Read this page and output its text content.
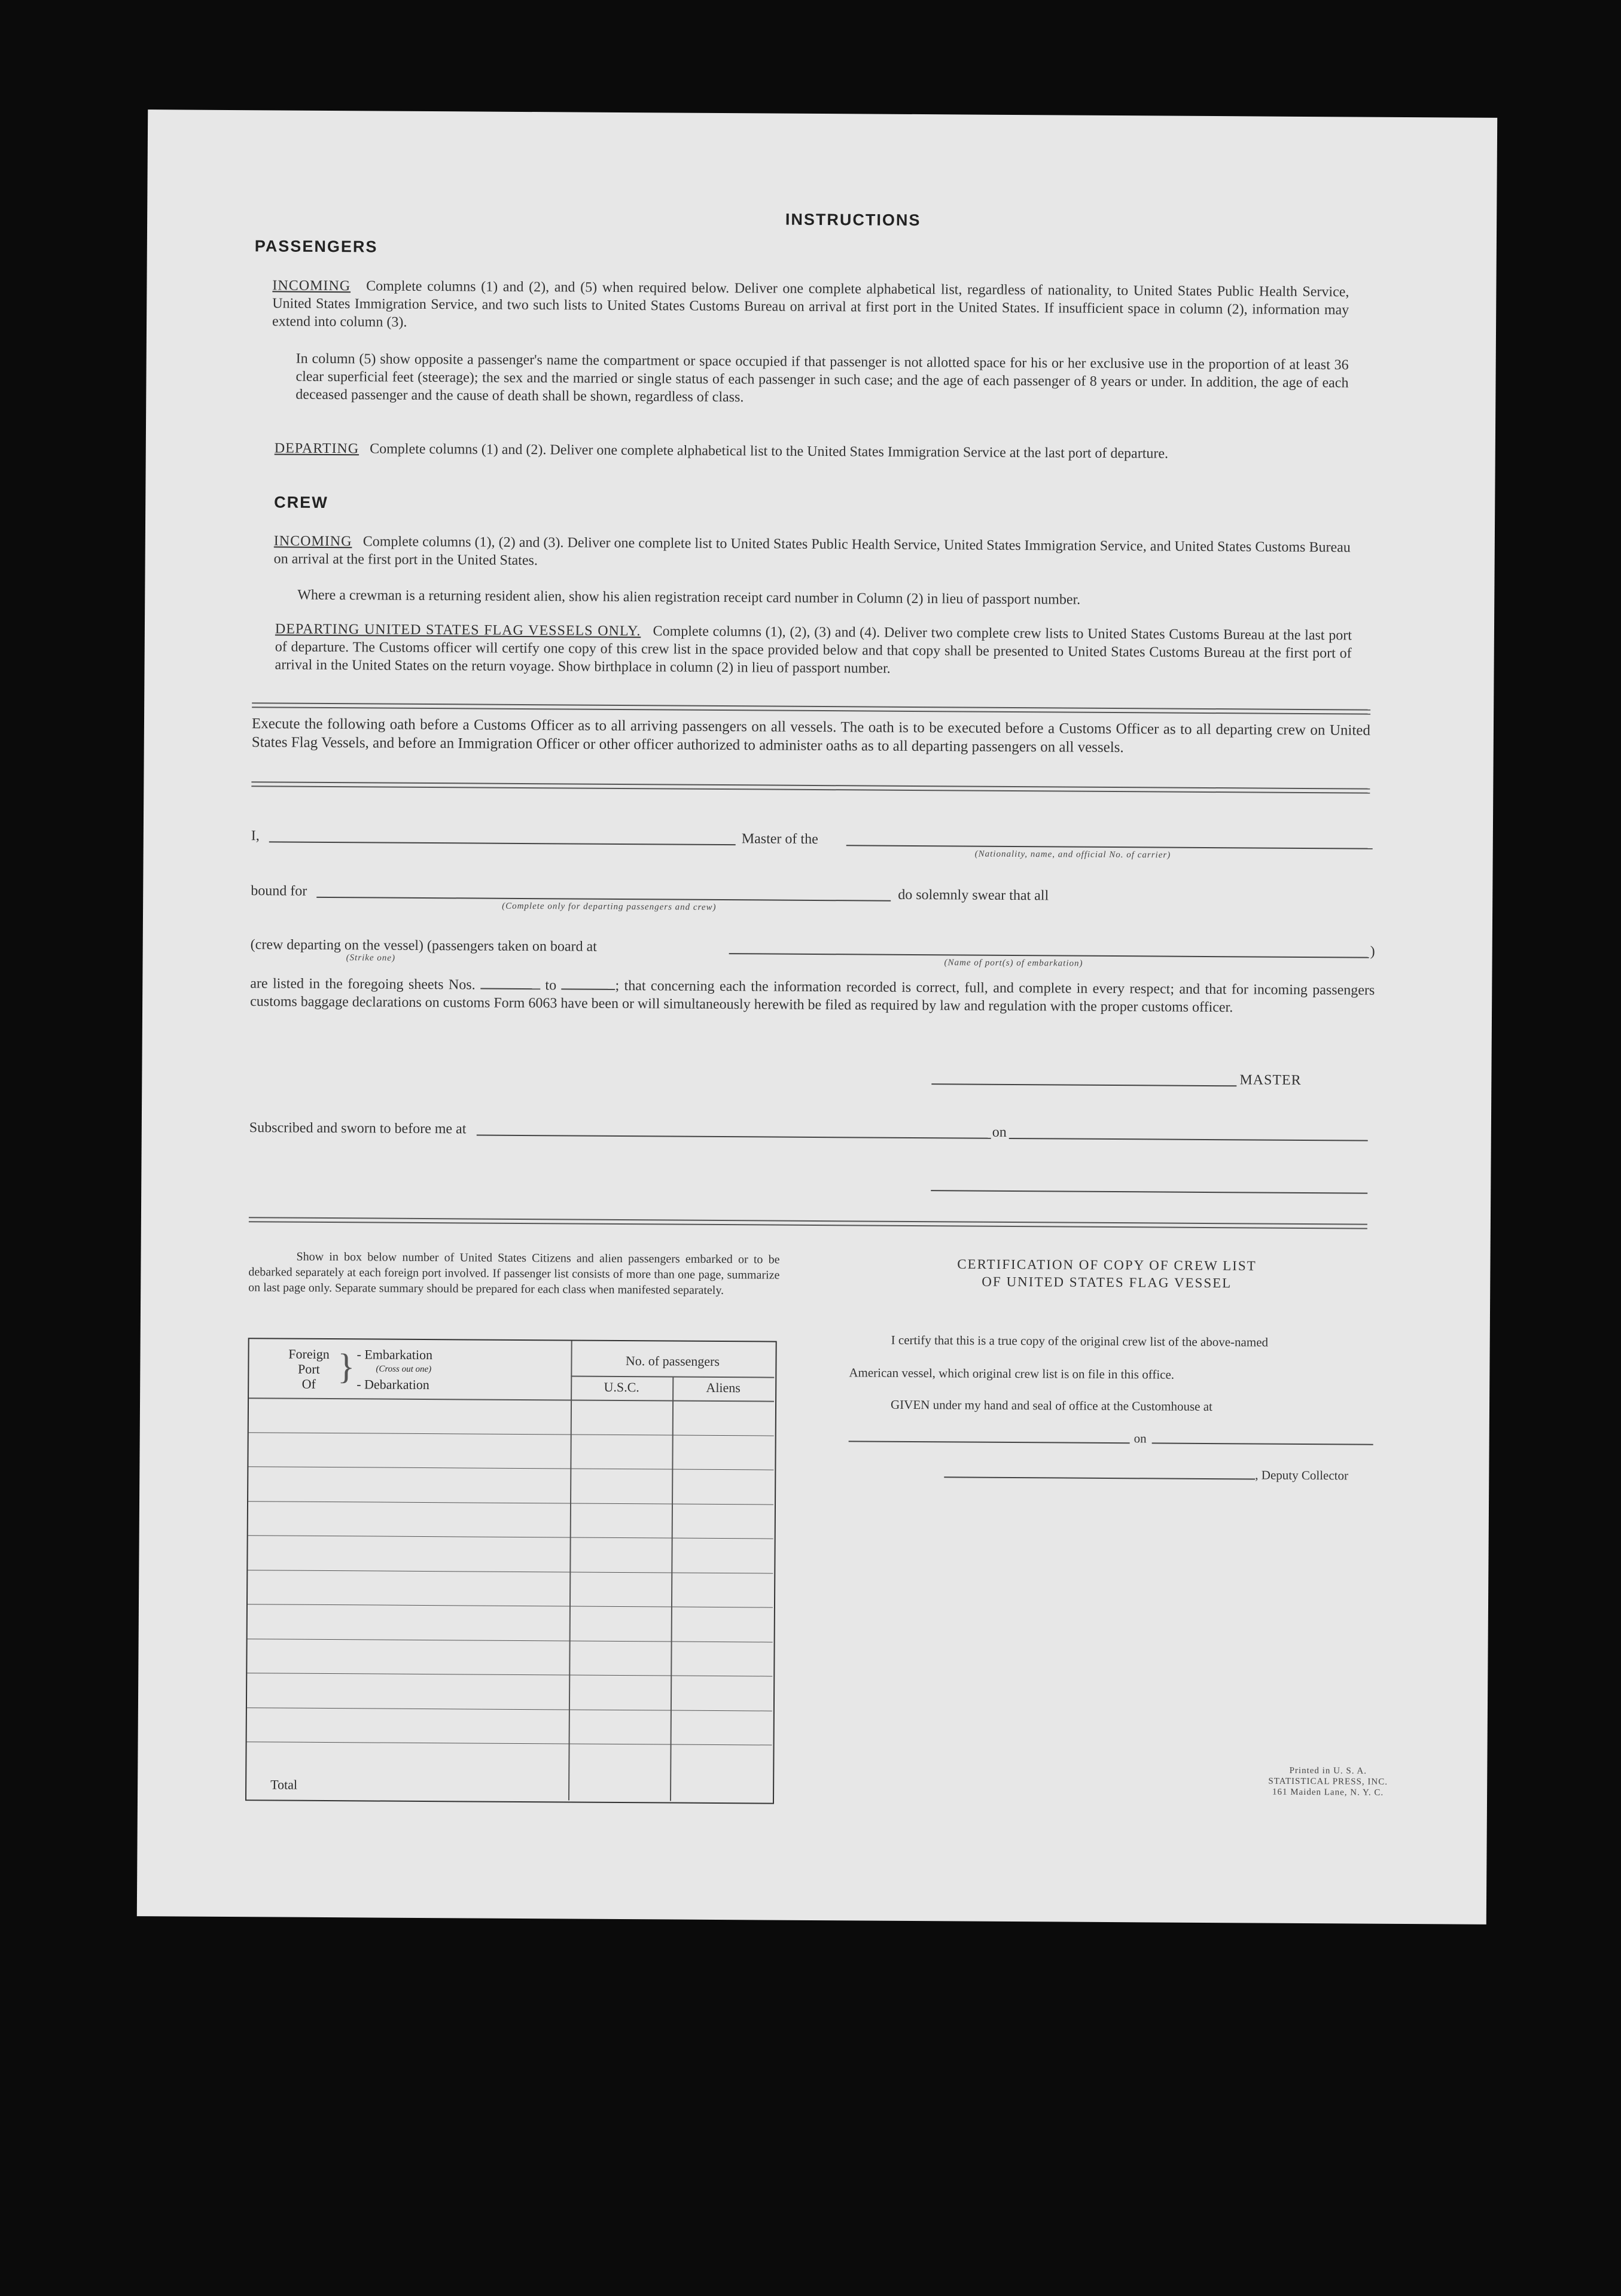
INSTRUCTIONS
PASSENGERS
INCOMING Complete columns (1) and (2), and (5) when required below. Deliver one complete alphabetical list, regardless of nationality, to United States Public Health Service, United States Immigration Service, and two such lists to United States Customs Bureau on arrival at first port in the United States. If insufficient space in column (2), information may extend into column (3).
In column (5) show opposite a passenger's name the compartment or space occupied if that passenger is not allotted space for his or her exclusive use in the proportion of at least 36 clear superficial feet (steerage); the sex and the married or single status of each passenger in such case; and the age of each passenger of 8 years or under. In addition, the age of each deceased passenger and the cause of death shall be shown, regardless of class.
DEPARTING Complete columns (1) and (2). Deliver one complete alphabetical list to the United States Immigration Service at the last port of departure.
CREW
INCOMING Complete columns (1), (2) and (3). Deliver one complete list to United States Public Health Service, United States Immigration Service, and United States Customs Bureau on arrival at the first port in the United States.
Where a crewman is a returning resident alien, show his alien registration receipt card number in Column (2) in lieu of passport number.
DEPARTING UNITED STATES FLAG VESSELS ONLY. Complete columns (1), (2), (3) and (4). Deliver two complete crew lists to United States Customs Bureau at the last port of departure. The Customs officer will certify one copy of this crew list in the space provided below and that copy shall be presented to United States Customs Bureau at the first port of arrival in the United States on the return voyage. Show birthplace in column (2) in lieu of passport number.
Execute the following oath before a Customs Officer as to all arriving passengers on all vessels. The oath is to be executed before a Customs Officer as to all departing crew on United States Flag Vessels, and before an Immigration Officer or other officer authorized to administer oaths as to all departing passengers on all vessels.
I,	Master of the
(Nationality, name, and official No. of carrier)
bound for
(Complete only for departing passengers and crew)
do solemnly swear that all
(crew departing on the vessel) (passengers taken on board at
(Strike one)	)
(Name of port(s) of embarkation)
are listed in the foregoing sheets Nos.	to	; that concerning each the information recorded is correct, full, and complete in every respect; and that for incoming passengers customs baggage declarations on customs Form 6063 have been or will simultaneously herewith be filed as required by law and regulation with the proper customs officer.
MASTER
Subscribed and sworn to before me at	on
Show in box below number of United States Citizens and alien passengers embarked or to be debarked separately at each foreign port involved. If passenger list consists of more than one page, summarize on last page only. Separate summary should be prepared for each class when manifested separately.
Foreign
Port
Of } - Embarkation
(Cross out one)
- Debarkation
No. of passengers
U.S.C.	Aliens
Total
CERTIFICATION OF COPY OF CREW LIST
OF UNITED STATES FLAG VESSEL
I certify that this is a true copy of the original crew list of the above-named
American vessel, which original crew list is on file in this office.
GIVEN under my hand and seal of office at the Customhouse at
on
, Deputy Collector
Printed in U. S. A.
STATISTICAL PRESS, INC.
161 Maiden Lane, N. Y. C.
